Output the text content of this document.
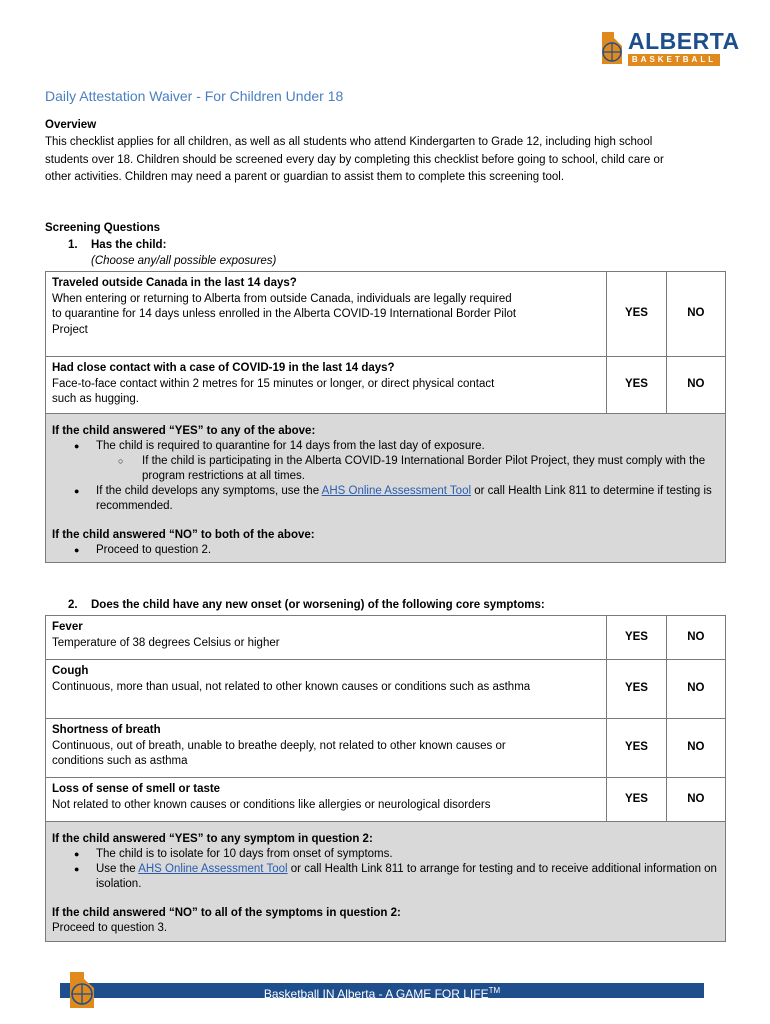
ALBERTA
BASKETBALL
Daily Attestation Waiver - For Children Under 18
Overview
This checklist applies for all children, as well as all students who attend Kindergarten to Grade 12, including high school students over 18. Children should be screened every day by completing this checklist before going to school, child care or other activities. Children may need a parent or guardian to assist them to complete this screening tool.
Screening Questions
1. Has the child:
(Choose any/all possible exposures)
Traveled outside Canada in the last 14 days?
When entering or returning to Alberta from outside Canada, individuals are legally required to quarantine for 14 days unless enrolled in the Alberta COVID-19 International Border Pilot Project	YES	NO

Had close contact with a case of COVID-19 in the last 14 days?
Face-to-face contact within 2 metres for 15 minutes or longer, or direct physical contact such as hugging.	YES	NO
If the child answered “YES” to any of the above:
● The child is required to quarantine for 14 days from the last day of exposure.
○ If the child is participating in the Alberta COVID-19 International Border Pilot Project, they must comply with the program restrictions at all times.
● If the child develops any symptoms, use the AHS Online Assessment Tool or call Health Link 811 to determine if testing is recommended.
If the child answered “NO” to both of the above:
● Proceed to question 2.
2. Does the child have any new onset (or worsening) of the following core symptoms:
Fever
Temperature of 38 degrees Celsius or higher	YES	NO

Cough
Continuous, more than usual, not related to other known causes or conditions such as asthma	YES	NO

Shortness of breath
Continuous, out of breath, unable to breathe deeply, not related to other known causes or conditions such as asthma	YES	NO

Loss of sense of smell or taste
Not related to other known causes or conditions like allergies or neurological disorders	YES	NO
If the child answered “YES” to any symptom in question 2:
● The child is to isolate for 10 days from onset of symptoms.
● Use the AHS Online Assessment Tool or call Health Link 811 to arrange for testing and to receive additional information on isolation.
If the child answered “NO” to all of the symptoms in question 2:
Proceed to question 3.
Basketball IN Alberta - A GAME FOR LIFE™
